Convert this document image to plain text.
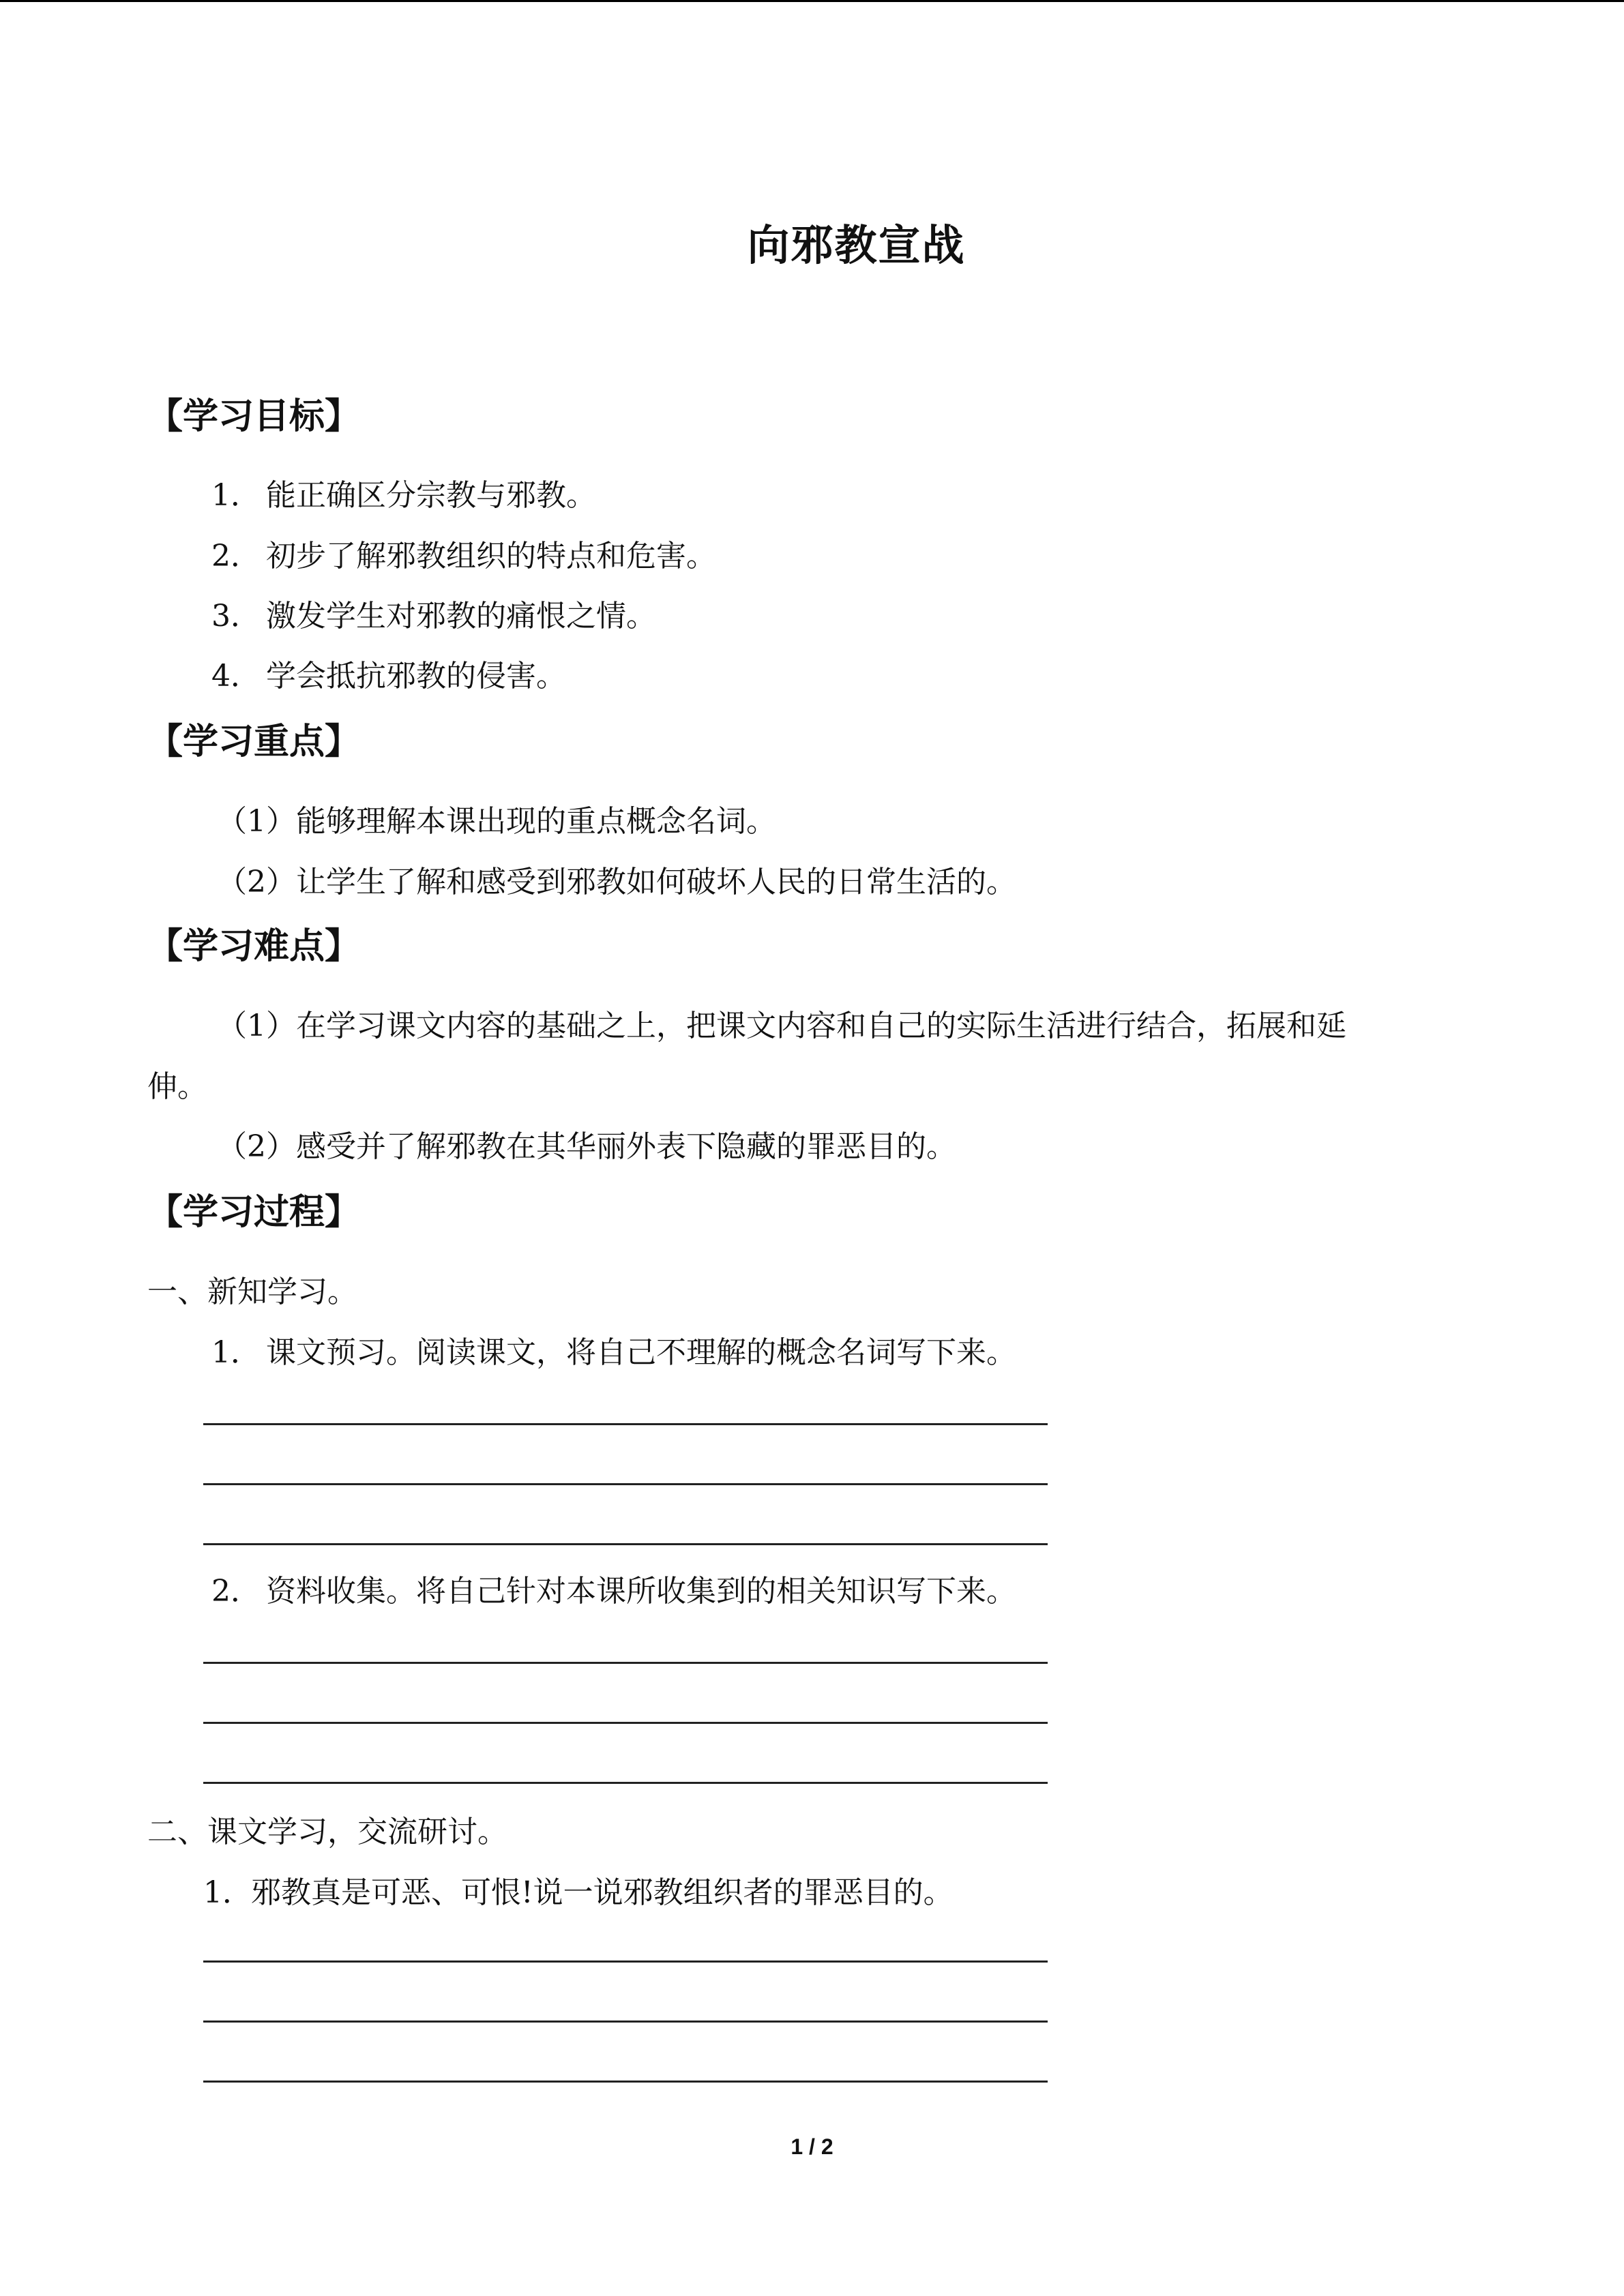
向邪教宣战
【学习目标】
1． 能正确区分宗教与邪教。
2． 初步了解邪教组织的特点和危害。
3． 激发学生对邪教的痛恨之情。
4． 学会抵抗邪教的侵害。
【学习重点】
（1）能够理解本课出现的重点概念名词。
（2）让学生了解和感受到邪教如何破坏人民的日常生活的。
【学习难点】
（1）在学习课文内容的基础之上，把课文内容和自己的实际生活进行结合，拓展和延
伸。
（2）感受并了解邪教在其华丽外表下隐藏的罪恶目的。
【学习过程】
一、新知学习。
1． 课文预习。阅读课文，将自己不理解的概念名词写下来。
2． 资料收集。将自己针对本课所收集到的相关知识写下来。
二、课文学习，交流研讨。
1．邪教真是可恶、可恨!说一说邪教组织者的罪恶目的。
1 / 2
